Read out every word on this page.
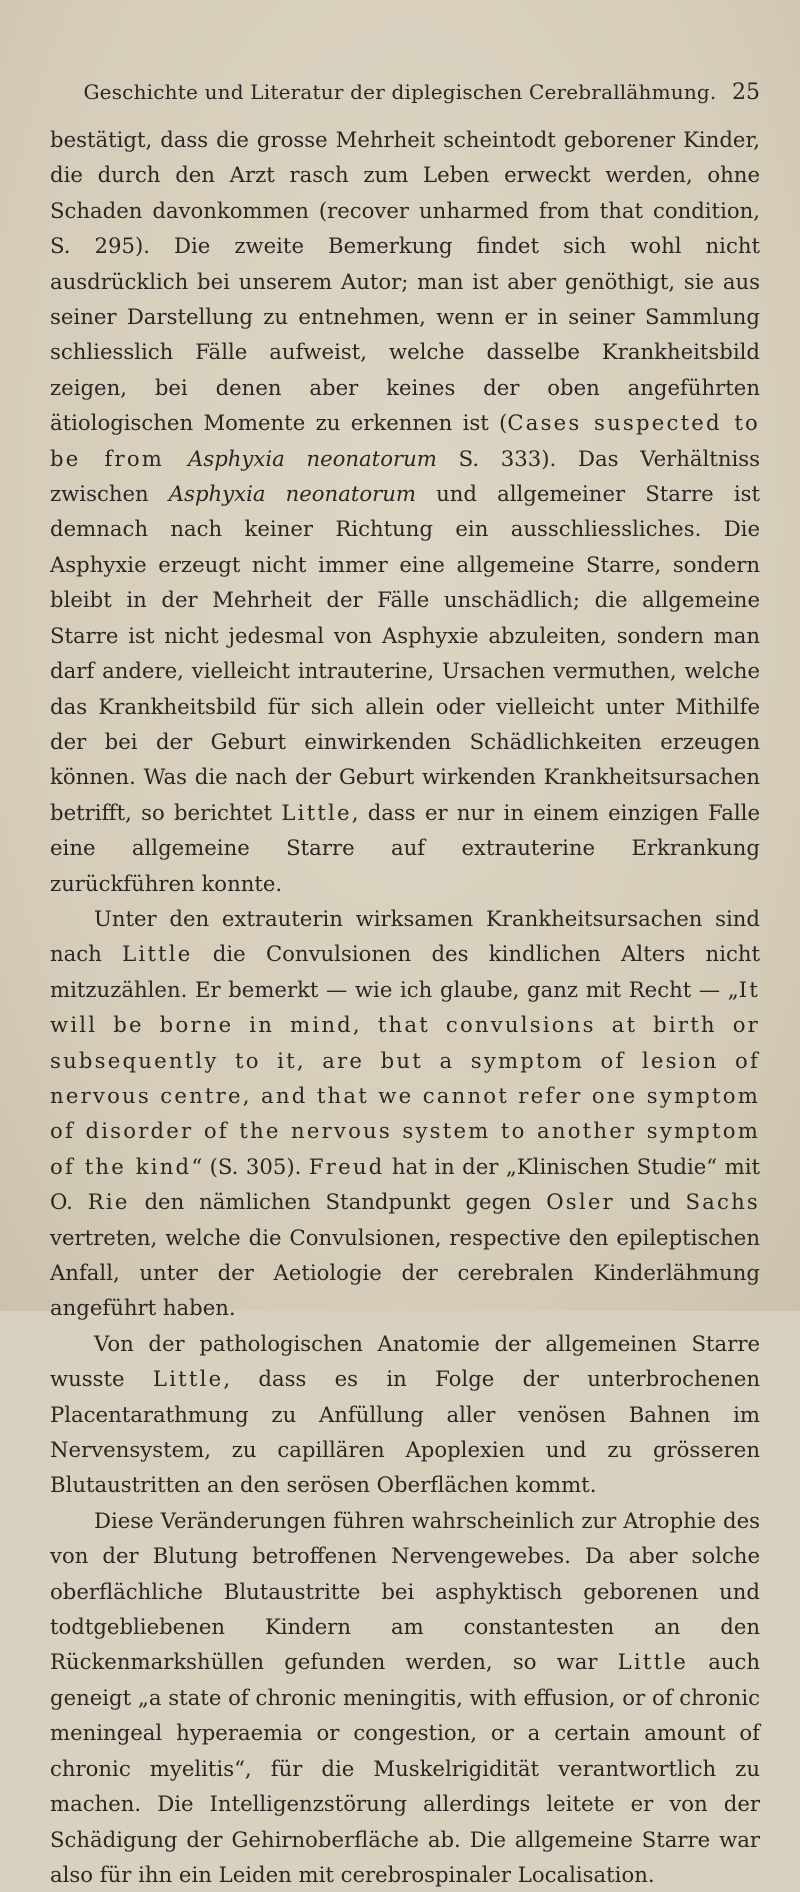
Geschichte und Literatur der diplegischen Cerebrallähmung. 25

bestätigt, dass die grosse Mehrheit scheintodt geborener Kinder, die durch den Arzt rasch zum Leben erweckt werden, ohne Schaden davonkommen (recover unharmed from that condition, S. 295). Die zweite Bemerkung findet sich wohl nicht ausdrücklich bei unserem Autor; man ist aber genöthigt, sie aus seiner Darstellung zu entnehmen, wenn er in seiner Sammlung schliesslich Fälle aufweist, welche dasselbe Krankheitsbild zeigen, bei denen aber keines der oben angeführten ätiologischen Momente zu erkennen ist (Cases suspected to be from Asphyxia neonatorum S. 333). Das Verhältniss zwischen Asphyxia neonatorum und allgemeiner Starre ist demnach nach keiner Richtung ein ausschliessliches. Die Asphyxie erzeugt nicht immer eine allgemeine Starre, sondern bleibt in der Mehrheit der Fälle unschädlich; die allgemeine Starre ist nicht jedesmal von Asphyxie abzuleiten, sondern man darf andere, vielleicht intrauterine, Ursachen vermuthen, welche das Krankheitsbild für sich allein oder vielleicht unter Mithilfe der bei der Geburt einwirkenden Schädlichkeiten erzeugen können. Was die nach der Geburt wirkenden Krankheitsursachen betrifft, so berichtet Little, dass er nur in einem einzigen Falle eine allgemeine Starre auf extrauterine Erkrankung zurückführen konnte.

Unter den extrauterin wirksamen Krankheitsursachen sind nach Little die Convulsionen des kindlichen Alters nicht mitzuzählen. Er bemerkt — wie ich glaube, ganz mit Recht — „It will be borne in mind, that convulsions at birth or subsequently to it, are but a symptom of lesion of nervous centre, and that we cannot refer one symptom of disorder of the nervous system to another symptom of the kind“ (S. 305). Freud hat in der „Klinischen Studie“ mit O. Rie den nämlichen Standpunkt gegen Osler und Sachs vertreten, welche die Convulsionen, respective den epileptischen Anfall, unter der Aetiologie der cerebralen Kinderlähmung angeführt haben.

Von der pathologischen Anatomie der allgemeinen Starre wusste Little, dass es in Folge der unterbrochenen Placentarathmung zu Anfüllung aller venösen Bahnen im Nervensystem, zu capillären Apoplexien und zu grösseren Blutaustritten an den serösen Oberflächen kommt.

Diese Veränderungen führen wahrscheinlich zur Atrophie des von der Blutung betroffenen Nervengewebes. Da aber solche oberflächliche Blutaustritte bei asphyktisch geborenen und todtgebliebenen Kindern am constantesten an den Rückenmarkshüllen gefunden werden, so war Little auch geneigt „a state of chronic meningitis, with effusion, or of chronic meningeal hyperaemia or congestion, or a certain amount of chronic myelitis“, für die Muskelrigidität verantwortlich zu machen. Die Intelligenzstörung allerdings leitete er von der Schädigung der Gehirnoberfläche ab. Die allgemeine Starre war also für ihn ein Leiden mit cerebrospinaler Localisation.
